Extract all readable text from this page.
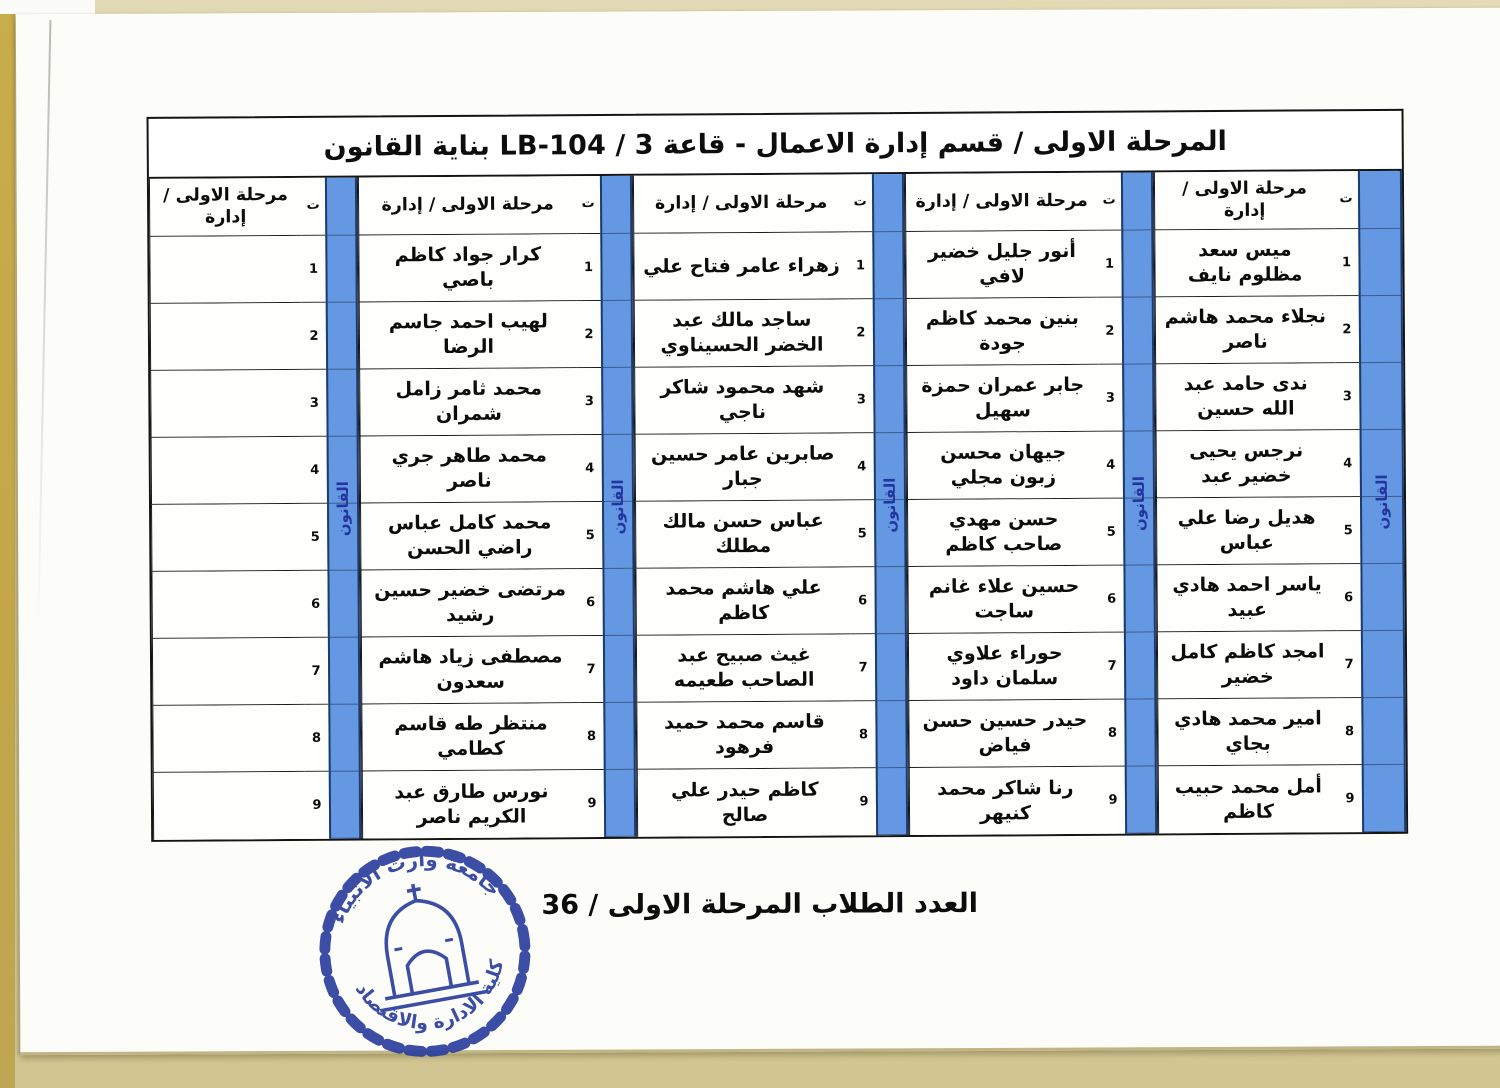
المرحلة الاولى / قسم إدارة الاعمال - قاعة 3 / LB-104 بناية القانون
القانون
ت
1
2
3
4
5
6
7
8
9
مرحلة الاولى / إدارة
ميس سعد مظلوم نايف
نجلاء محمد هاشم ناصر
ندى حامد عبد الله حسين
نرجس يحيى خضير عبد
هديل رضا علي عباس
ياسر احمد هادي عبيد
امجد كاظم كامل خضير
امير محمد هادي بجاي
أمل محمد حبيب كاظم
القانون
ت
1
2
3
4
5
6
7
8
9
مرحلة الاولى / إدارة
أنور جليل خضير لافي
بنين محمد كاظم جودة
جابر عمران حمزة سهيل
جيهان محسن زبون مجلي
حسن مهدي صاحب كاظم
حسين علاء غانم ساجت
حوراء علاوي سلمان داود
حيدر حسين حسن فياض
رنا شاكر محمد كنيهر
القانون
ت
1
2
3
4
5
6
7
8
9
مرحلة الاولى / إدارة
زهراء عامر فتاح علي
ساجد مالك عبد الخضر الحسيناوي
شهد محمود شاكر ناجي
صابرين عامر حسين جبار
عباس حسن مالك مطلك
علي هاشم محمد كاظم
غيث صبيح عبد الصاحب طعيمه
قاسم محمد حميد فرهود
كاظم حيدر علي صالح
القانون
ت
1
2
3
4
5
6
7
8
9
مرحلة الاولى / إدارة
كرار جواد كاظم باصي
لهيب احمد جاسم الرضا
محمد ثامر زامل شمران
محمد طاهر جري ناصر
محمد كامل عباس راضي الحسن
مرتضى خضير حسين رشيد
مصطفى زياد هاشم سعدون
منتظر طه قاسم كطامي
نورس طارق عبد الكريم ناصر
القانون
ت
1
2
3
4
5
6
7
8
9
مرحلة الاولى / إدارة
العدد الطلاب المرحلة الاولى / 36
جامعة وارث الانبياء
كلية الادارة والاقتصاد
